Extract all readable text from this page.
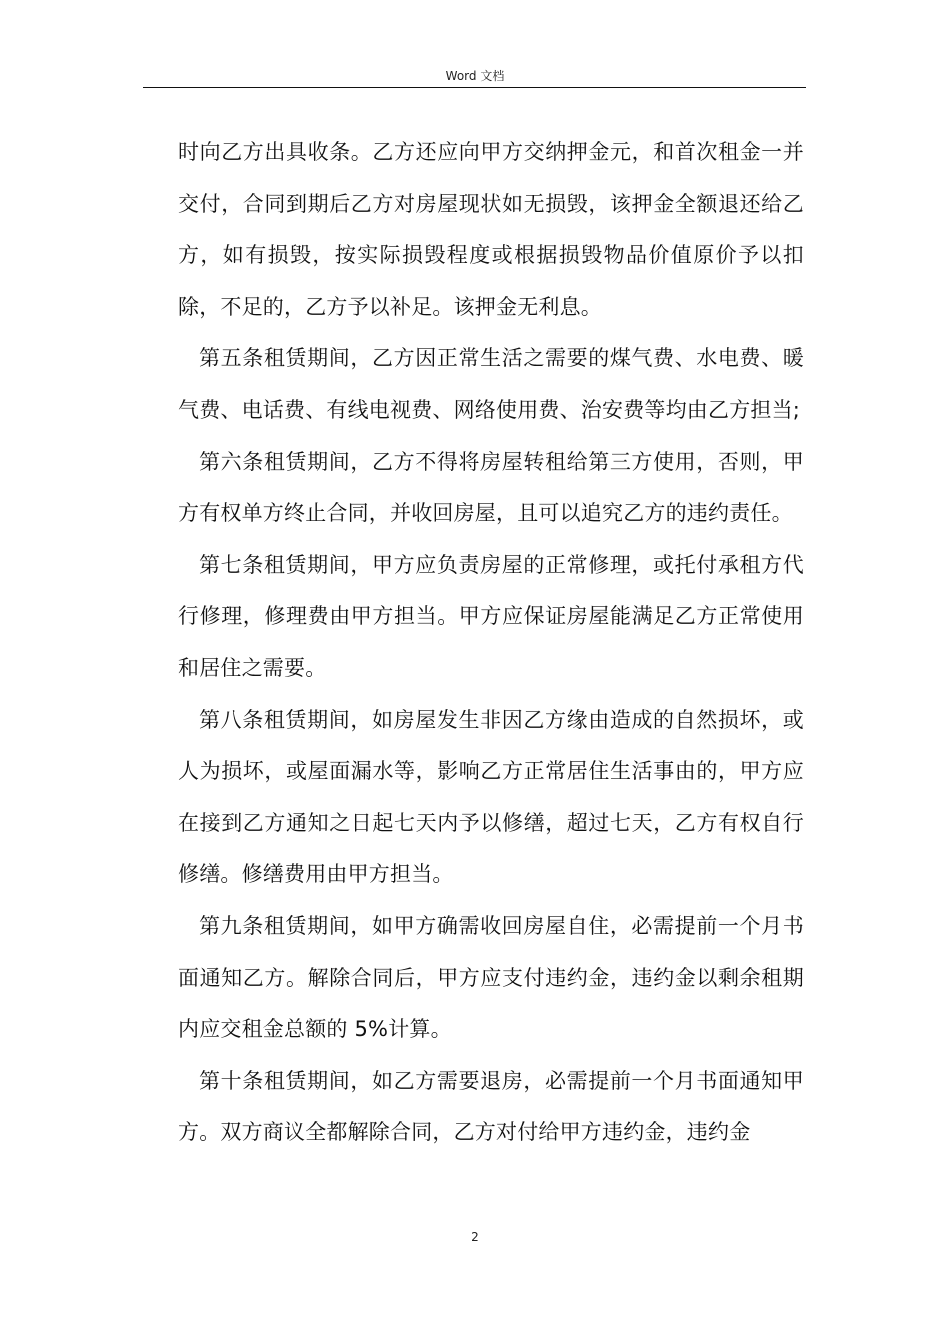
Word 文档

时向乙方出具收条。乙方还应向甲方交纳押金元，和首次租金一并交付，合同到期后乙方对房屋现状如无损毁，该押金全额退还给乙方，如有损毁，按实际损毁程度或根据损毁物品价值原价予以扣除，不足的，乙方予以补足。该押金无利息。

第五条租赁期间，乙方因正常生活之需要的煤气费、水电费、暖气费、电话费、有线电视费、网络使用费、治安费等均由乙方担当;

第六条租赁期间，乙方不得将房屋转租给第三方使用，否则，甲方有权单方终止合同，并收回房屋，且可以追究乙方的违约责任。

第七条租赁期间，甲方应负责房屋的正常修理，或托付承租方代行修理，修理费由甲方担当。甲方应保证房屋能满足乙方正常使用和居住之需要。

第八条租赁期间，如房屋发生非因乙方缘由造成的自然损坏，或人为损坏，或屋面漏水等，影响乙方正常居住生活事由的，甲方应在接到乙方通知之日起七天内予以修缮，超过七天，乙方有权自行修缮。修缮费用由甲方担当。

第九条租赁期间，如甲方确需收回房屋自住，必需提前一个月书面通知乙方。解除合同后，甲方应支付违约金，违约金以剩余租期内应交租金总额的 5%计算。

第十条租赁期间，如乙方需要退房，必需提前一个月书面通知甲方。双方商议全都解除合同，乙方对付给甲方违约金，违约金

2
